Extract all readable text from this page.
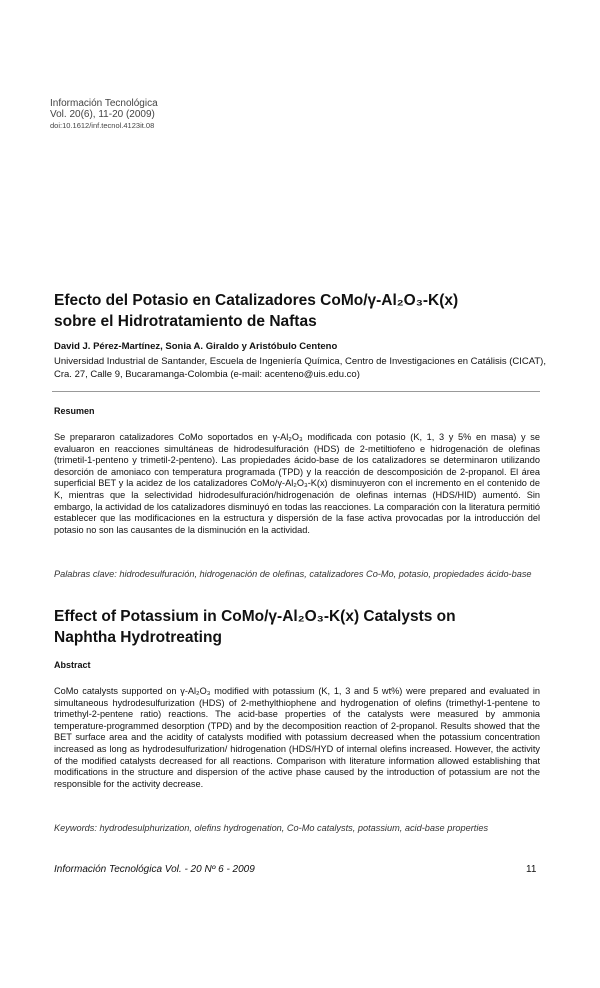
Información Tecnológica
Vol. 20(6), 11-20 (2009)
doi:10.1612/inf.tecnol.4123it.08
Efecto del Potasio en Catalizadores CoMo/γ-Al₂O₃-K(x)
sobre el Hidrotratamiento de Naftas
David J. Pérez-Martínez, Sonia A. Giraldo y Aristóbulo Centeno
Universidad Industrial de Santander, Escuela de Ingeniería Química, Centro de Investigaciones en Catálisis (CICAT), Cra. 27, Calle 9, Bucaramanga-Colombia (e-mail: acenteno@uis.edu.co)
Resumen
Se prepararon catalizadores CoMo soportados en γ-Al₂O₃ modificada con potasio (K, 1, 3 y 5% en masa) y se evaluaron en reacciones simultáneas de hidrodesulfuración (HDS) de 2-metiltiofeno e hidrogenación de olefinas (trimetil-1-penteno y trimetil-2-penteno). Las propiedades ácido-base de los catalizadores se determinaron utilizando desorción de amoniaco con temperatura programada (TPD) y la reacción de descomposición de 2-propanol. El área superficial BET y la acidez de los catalizadores CoMo/γ-Al₂O₃-K(x) disminuyeron con el incremento en el contenido de K, mientras que la selectividad hidrodesulfuración/hidrogenación de olefinas internas (HDS/HID) aumentó. Sin embargo, la actividad de los catalizadores disminuyó en todas las reacciones. La comparación con la literatura permitió establecer que las modificaciones en la estructura y dispersión de la fase activa provocadas por la introducción del potasio no son las causantes de la disminución en la actividad.
Palabras clave: hidrodesulfuración, hidrogenación de olefinas, catalizadores Co-Mo, potasio, propiedades ácido-base
Effect of Potassium in CoMo/γ-Al₂O₃-K(x) Catalysts on
Naphtha Hydrotreating
Abstract
CoMo catalysts supported on γ-Al₂O₃ modified with potassium (K, 1, 3 and 5 wt%) were prepared and evaluated in simultaneous hydrodesulfurization (HDS) of 2-methylthiophene and hydrogenation of olefins (trimethyl-1-pentene to trimethyl-2-pentene ratio) reactions. The acid-base properties of the catalysts were measured by ammonia temperature-programmed desorption (TPD) and by the decomposition reaction of 2-propanol. Results showed that the BET surface area and the acidity of catalysts modified with potassium decreased when the potassium concentration increased as long as hydrodesulfurization/ hidrogenation (HDS/HYD of internal olefins increased. However, the activity of the modified catalysts decreased for all reactions. Comparison with literature information allowed establishing that modifications in the structure and dispersion of the active phase caused by the introduction of potassium are not the responsible for the activity decrease.
Keywords: hydrodesulphurization, olefins hydrogenation, Co-Mo catalysts, potassium, acid-base properties
Información Tecnológica Vol. - 20 Nº 6 - 2009	11
